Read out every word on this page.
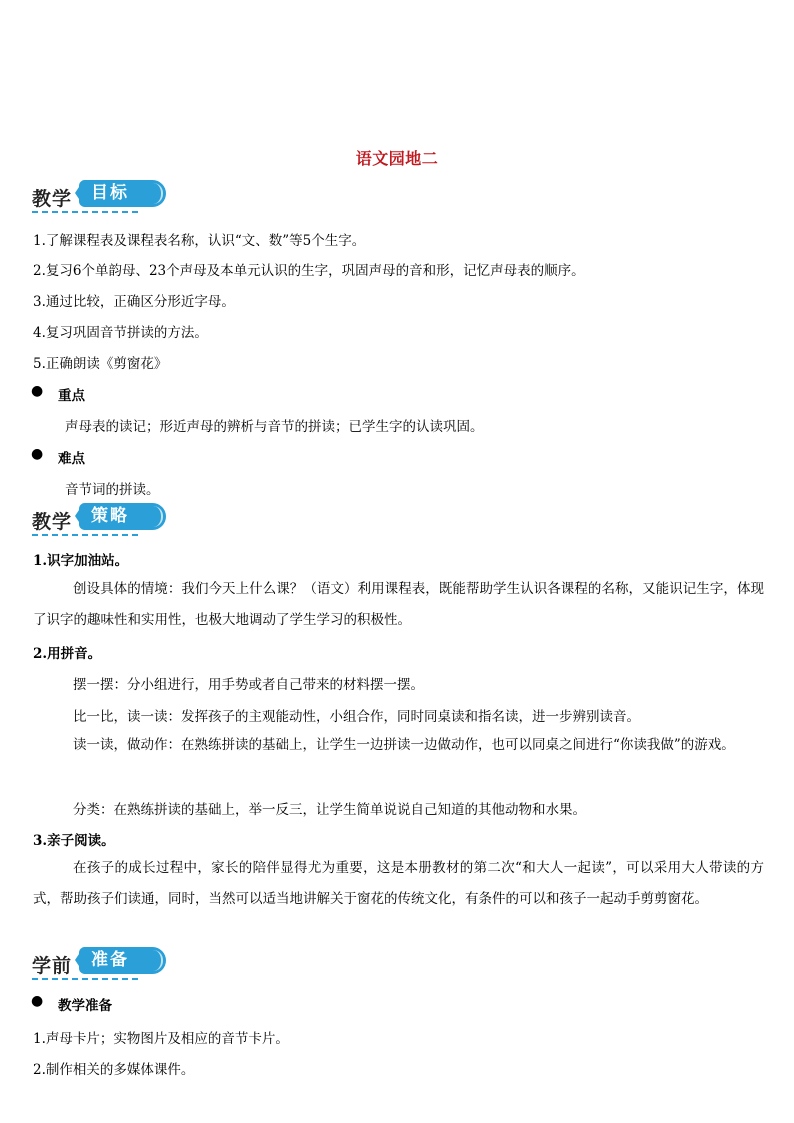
语文园地二
教学	目标
1.了解课程表及课程表名称，认识“文、数”等5个生字。
2.复习6个单韵母、23个声母及本单元认识的生字，巩固声母的音和形，记忆声母表的顺序。
3.通过比较，正确区分形近字母。
4.复习巩固音节拼读的方法。
5.正确朗读《剪窗花》
● 重点
声母表的读记；形近声母的辨析与音节的拼读；已学生字的认读巩固。
● 难点
音节词的拼读。
教学	策略
1.识字加油站。
创设具体的情境：我们今天上什么课？（语文）利用课程表，既能帮助学生认识各课程的名称，又能识记生字，体现了识字的趣味性和实用性，也极大地调动了学生学习的积极性。
2.用拼音。
摆一摆：分小组进行，用手势或者自己带来的材料摆一摆。
比一比，读一读：发挥孩子的主观能动性，小组合作，同时同桌读和指名读，进一步辨别读音。
读一读，做动作：在熟练拼读的基础上，让学生一边拼读一边做动作，也可以同桌之间进行“你读我做”的游戏。
分类：在熟练拼读的基础上，举一反三，让学生简单说说自己知道的其他动物和水果。
3.亲子阅读。
在孩子的成长过程中，家长的陪伴显得尤为重要，这是本册教材的第二次“和大人一起读”，可以采用大人带读的方式，帮助孩子们读通，同时，当然可以适当地讲解关于窗花的传统文化，有条件的可以和孩子一起动手剪剪窗花。
学前	准备
● 教学准备
1.声母卡片；实物图片及相应的音节卡片。
2.制作相关的多媒体课件。
